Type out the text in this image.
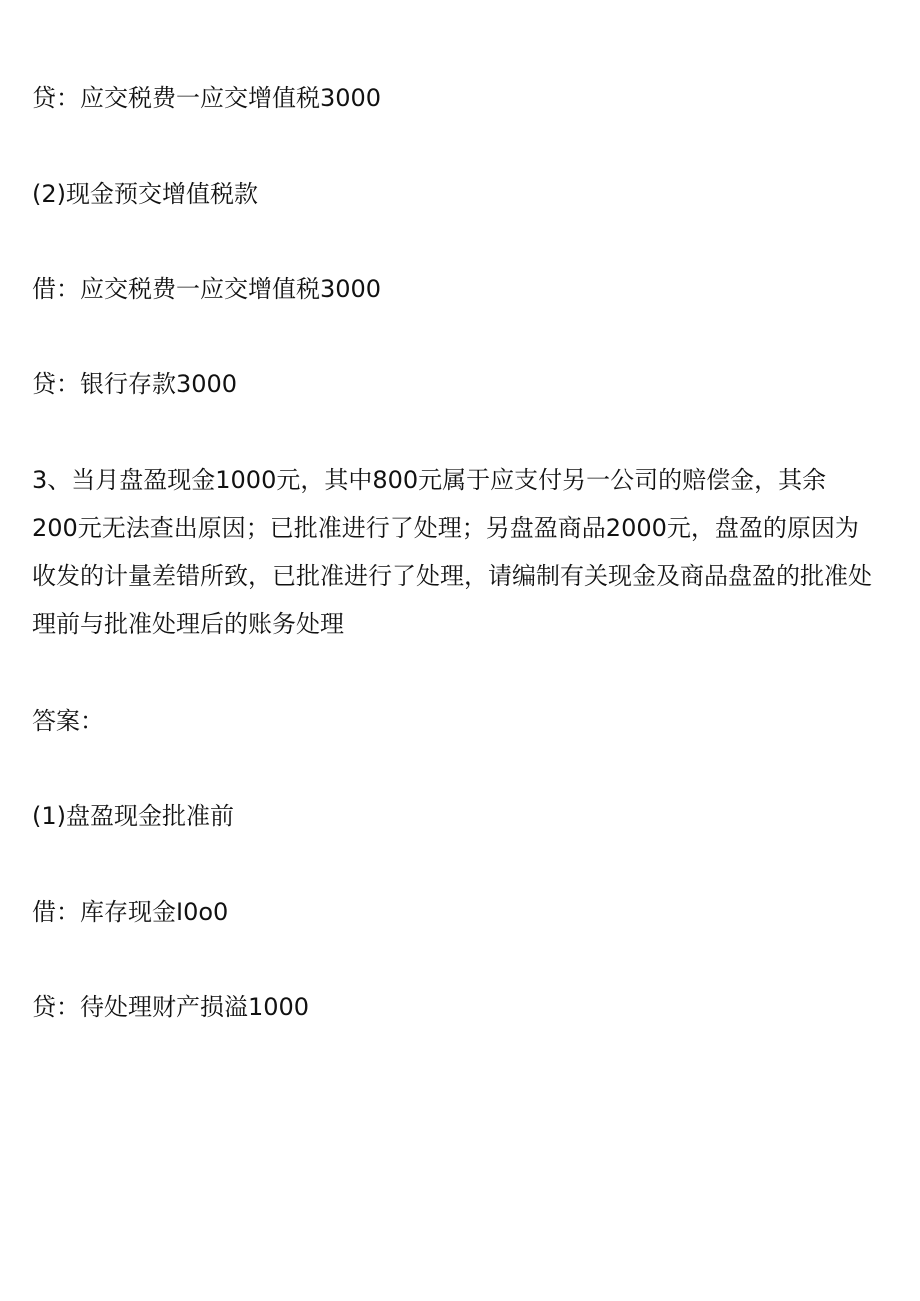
贷：应交税费一应交增值税3000
(2)现金预交增值税款
借：应交税费一应交增值税3000
贷：银行存款3000
3、当月盘盈现金1000元，其中800元属于应支付另一公司的赔偿金，其余
200元无法查出原因；已批准进行了处理；另盘盈商品2000元，盘盈的原因为
收发的计量差错所致，已批准进行了处理，请编制有关现金及商品盘盈的批准处
理前与批准处理后的账务处理
答案：
(1)盘盈现金批准前
借：库存现金I0o0
贷：待处理财产损溢1000
